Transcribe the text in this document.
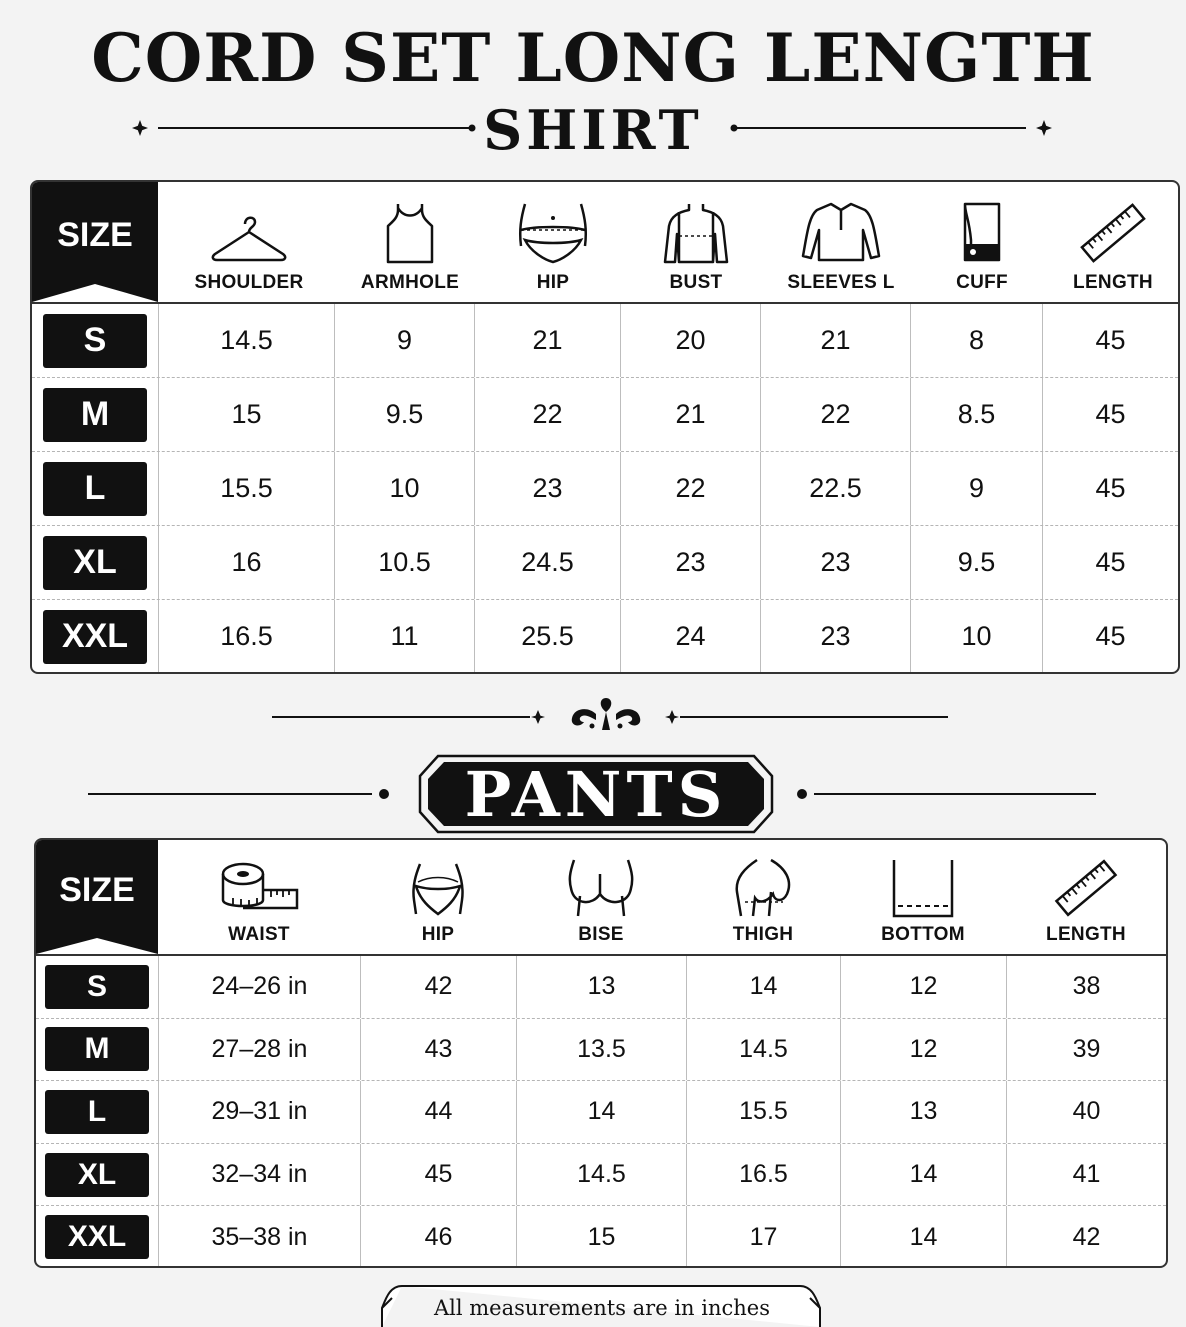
CORD SET LONG LENGTH
SHIRT
SIZE
SHOULDER	ARMHOLE	HIP	BUST	SLEEVES L	CUFF	LENGTH
S	14.5	9	21	20	21	8	45
M	15	9.5	22	21	22	8.5	45
L	15.5	10	23	22	22.5	9	45
XL	16	10.5	24.5	23	23	9.5	45
XXL	16.5	11	25.5	24	23	10	45
PANTS
SIZE
WAIST	HIP	BISE	THIGH	BOTTOM	LENGTH
S	24–26 in	42	13	14	12	38
M	27–28 in	43	13.5	14.5	12	39
L	29–31 in	44	14	15.5	13	40
XL	32–34 in	45	14.5	16.5	14	41
XXL	35–38 in	46	15	17	14	42
All measurements are in inches
